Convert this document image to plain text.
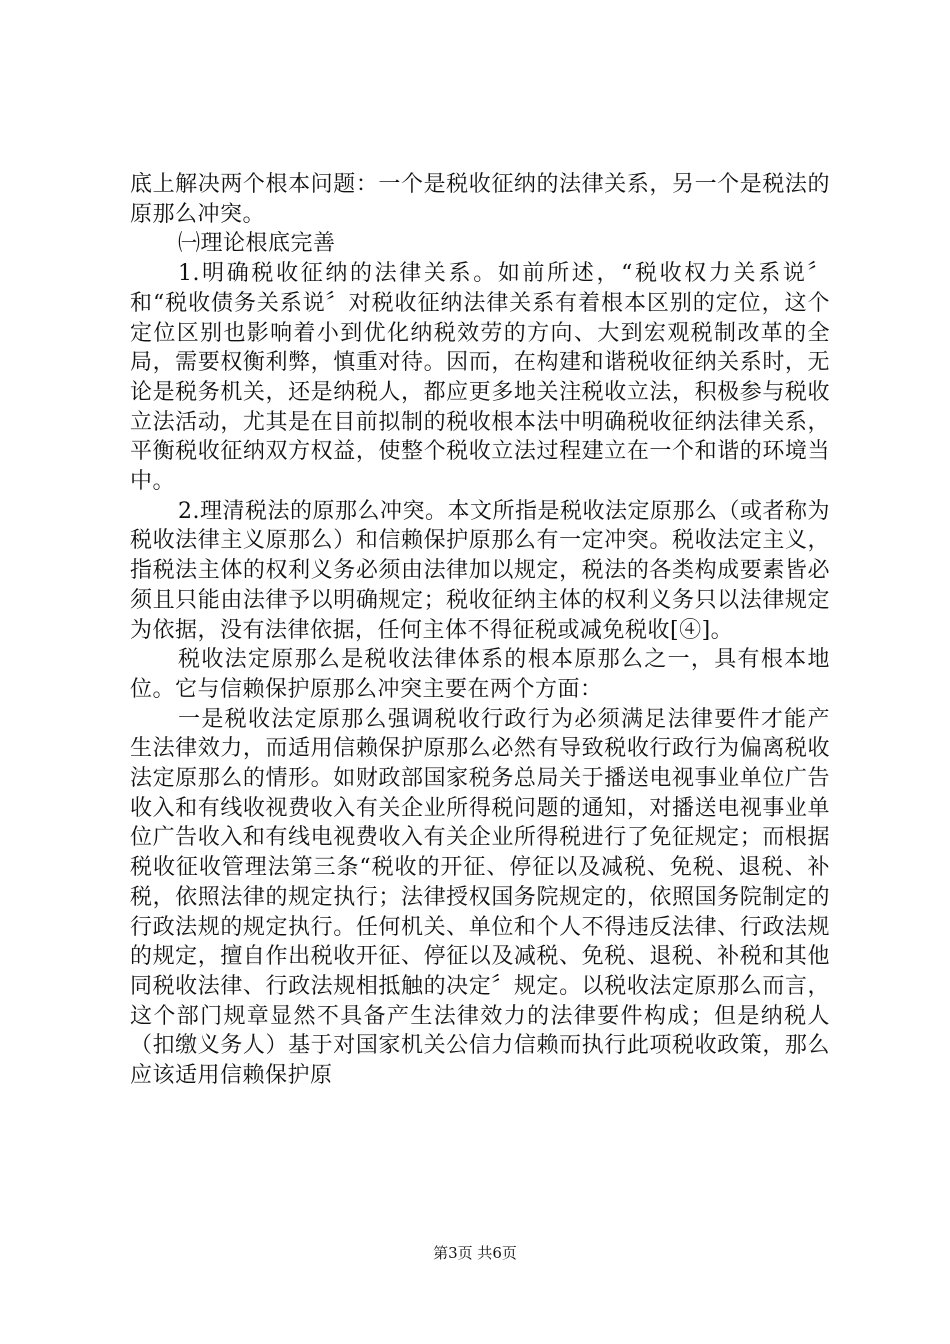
底上解决两个根本问题：一个是税收征纳的法律关系，另一个是税法的原那么冲突。

㈠理论根底完善

1.明确税收征纳的法律关系。如前所述，“税收权力关系说〞和“税收债务关系说〞对税收征纳法律关系有着根本区别的定位，这个定位区别也影响着小到优化纳税效劳的方向、大到宏观税制改革的全局，需要权衡利弊，慎重对待。因而，在构建和谐税收征纳关系时，无论是税务机关，还是纳税人，都应更多地关注税收立法，积极参与税收立法活动，尤其是在目前拟制的税收根本法中明确税收征纳法律关系，平衡税收征纳双方权益，使整个税收立法过程建立在一个和谐的环境当中。

2.理清税法的原那么冲突。本文所指是税收法定原那么（或者称为税收法律主义原那么）和信赖保护原那么有一定冲突。税收法定主义，指税法主体的权利义务必须由法律加以规定，税法的各类构成要素皆必须且只能由法律予以明确规定；税收征纳主体的权利义务只以法律规定为依据，没有法律依据，任何主体不得征税或减免税收[④]。

税收法定原那么是税收法律体系的根本原那么之一，具有根本地位。它与信赖保护原那么冲突主要在两个方面：

一是税收法定原那么强调税收行政行为必须满足法律要件才能产生法律效力，而适用信赖保护原那么必然有导致税收行政行为偏离税收法定原那么的情形。如财政部国家税务总局关于播送电视事业单位广告收入和有线收视费收入有关企业所得税问题的通知，对播送电视事业单位广告收入和有线电视费收入有关企业所得税进行了免征规定；而根据税收征收管理法第三条“税收的开征、停征以及减税、免税、退税、补税，依照法律的规定执行；法律授权国务院规定的，依照国务院制定的行政法规的规定执行。任何机关、单位和个人不得违反法律、行政法规的规定，擅自作出税收开征、停征以及减税、免税、退税、补税和其他同税收法律、行政法规相抵触的决定〞规定。以税收法定原那么而言，这个部门规章显然不具备产生法律效力的法律要件构成；但是纳税人（扣缴义务人）基于对国家机关公信力信赖而执行此项税收政策，那么应该适用信赖保护原

第3页 共6页
